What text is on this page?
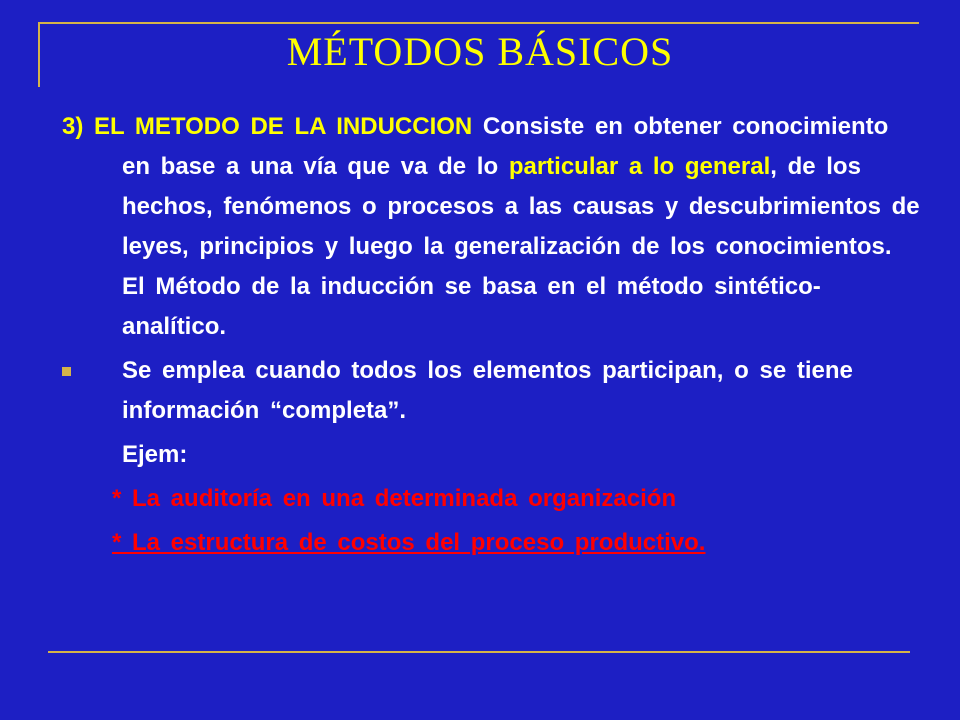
MÉTODOS BÁSICOS

3) EL METODO DE LA INDUCCION Consiste en obtener conocimiento en base a una vía que va de lo particular a lo general, de los hechos, fenómenos o procesos a las causas y descubrimientos de leyes, principios y luego la generalización de los conocimientos. El Método de la inducción se basa en el método sintético-analítico.

Se emplea cuando todos los elementos participan, o se tiene información “completa”.
Ejem:
* La auditoría en una determinada organización
* La estructura de costos del proceso productivo.
